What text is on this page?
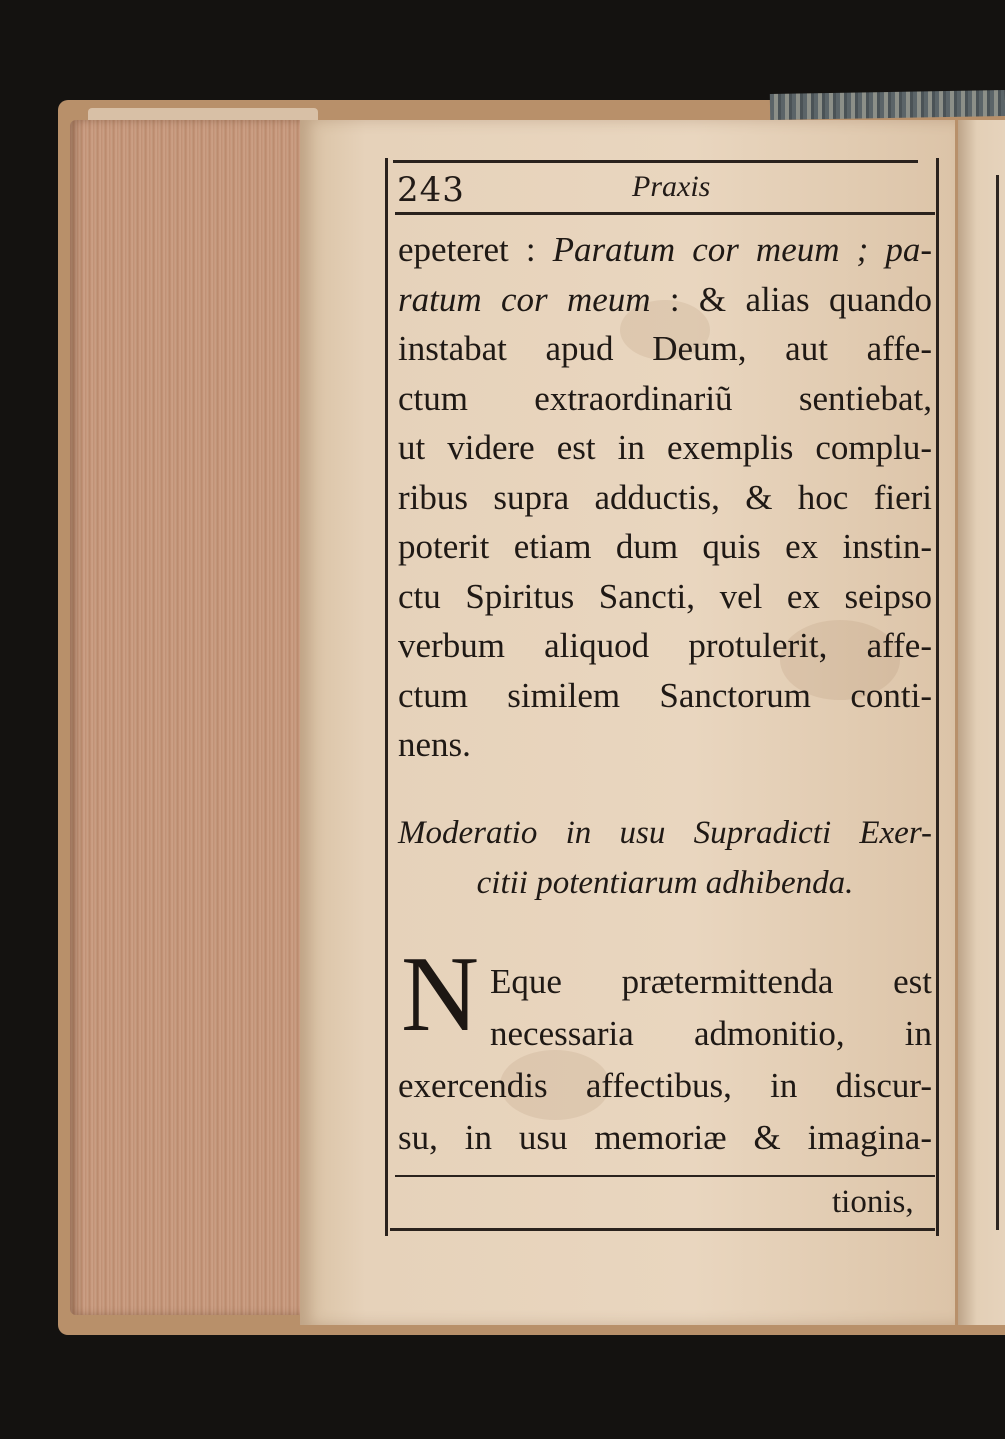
243	Praxis
epeteret : Paratum cor meum ; pa-
ratum cor meum : & alias quando
instabat apud Deum, aut affe-
ctum extraordinariũ sentiebat,
ut videre est in exemplis complu-
ribus supra adductis, & hoc fieri
poterit etiam dum quis ex instin-
ctu Spiritus Sancti, vel ex seipso
verbum aliquod protulerit, affe-
ctum similem Sanctorum conti-
nens.
Moderatio in usu Supradicti Exer-
citii potentiarum adhibenda.
N Eque prætermittenda est
necessaria admonitio, in
exercendis affectibus, in discur-
su, in usu memoriæ & imagina-
tionis,
